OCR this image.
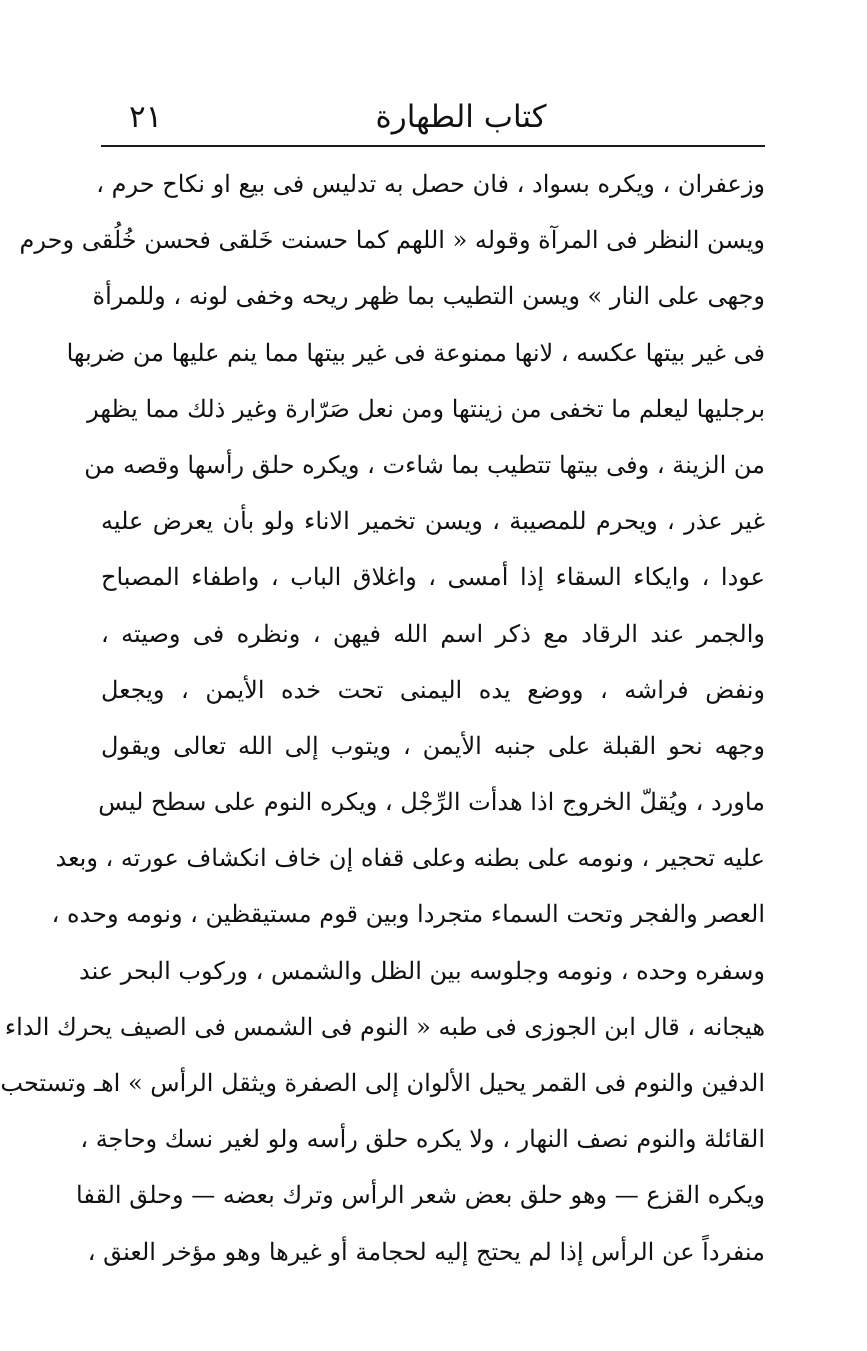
٢١	كتاب الطهارة
وزعفران ، ويكره بسواد ، فان حصل به تدليس فى بيع او نكاح حرم ،
ويسن النظر فى المرآة وقوله « اللهم كما حسنت خَلقى فحسن خُلُقى وحرم
وجهى على النار » ويسن التطيب بما ظهر ريحه وخفى لونه ، وللمرأة
فى غير بيتها عكسه ، لانها ممنوعة فى غير بيتها مما ينم عليها من ضربها
برجليها ليعلم ما تخفى من زينتها ومن نعل صَرّارة وغير ذلك مما يظهر
من الزينة ، وفى بيتها تتطيب بما شاءت ، ويكره حلق رأسها وقصه من
غير عذر ، ويحرم للمصيبة ، ويسن تخمير الاناء ولو بأن يعرض عليه
عودا ، وايكاء السقاء إذا أمسى ، واغلاق الباب ، واطفاء المصباح
والجمر عند الرقاد مع ذكر اسم الله فيهن ، ونظره فى وصيته ،
ونفض فراشه ، ووضع يده اليمنى تحت خده الأيمن ، ويجعل
وجهه نحو القبلة على جنبه الأيمن ، ويتوب إلى الله تعالى ويقول
ماورد ، ويُقلّ الخروج اذا هدأت الرِّجْل ، ويكره النوم على سطح ليس
عليه تحجير ، ونومه على بطنه وعلى قفاه إن خاف انكشاف عورته ، وبعد
العصر والفجر وتحت السماء متجردا وبين قوم مستيقظين ، ونومه وحده ،
وسفره وحده ، ونومه وجلوسه بين الظل والشمس ، وركوب البحر عند
هيجانه ، قال ابن الجوزى فى طبه « النوم فى الشمس فى الصيف يحرك الداء
الدفين والنوم فى القمر يحيل الألوان إلى الصفرة ويثقل الرأس » اهـ وتستحب
القائلة والنوم نصف النهار ، ولا يكره حلق رأسه ولو لغير نسك وحاجة ،
ويكره القزع — وهو حلق بعض شعر الرأس وترك بعضه — وحلق القفا
منفرداً عن الرأس إذا لم يحتج إليه لحجامة أو غيرها وهو مؤخر العنق ،
